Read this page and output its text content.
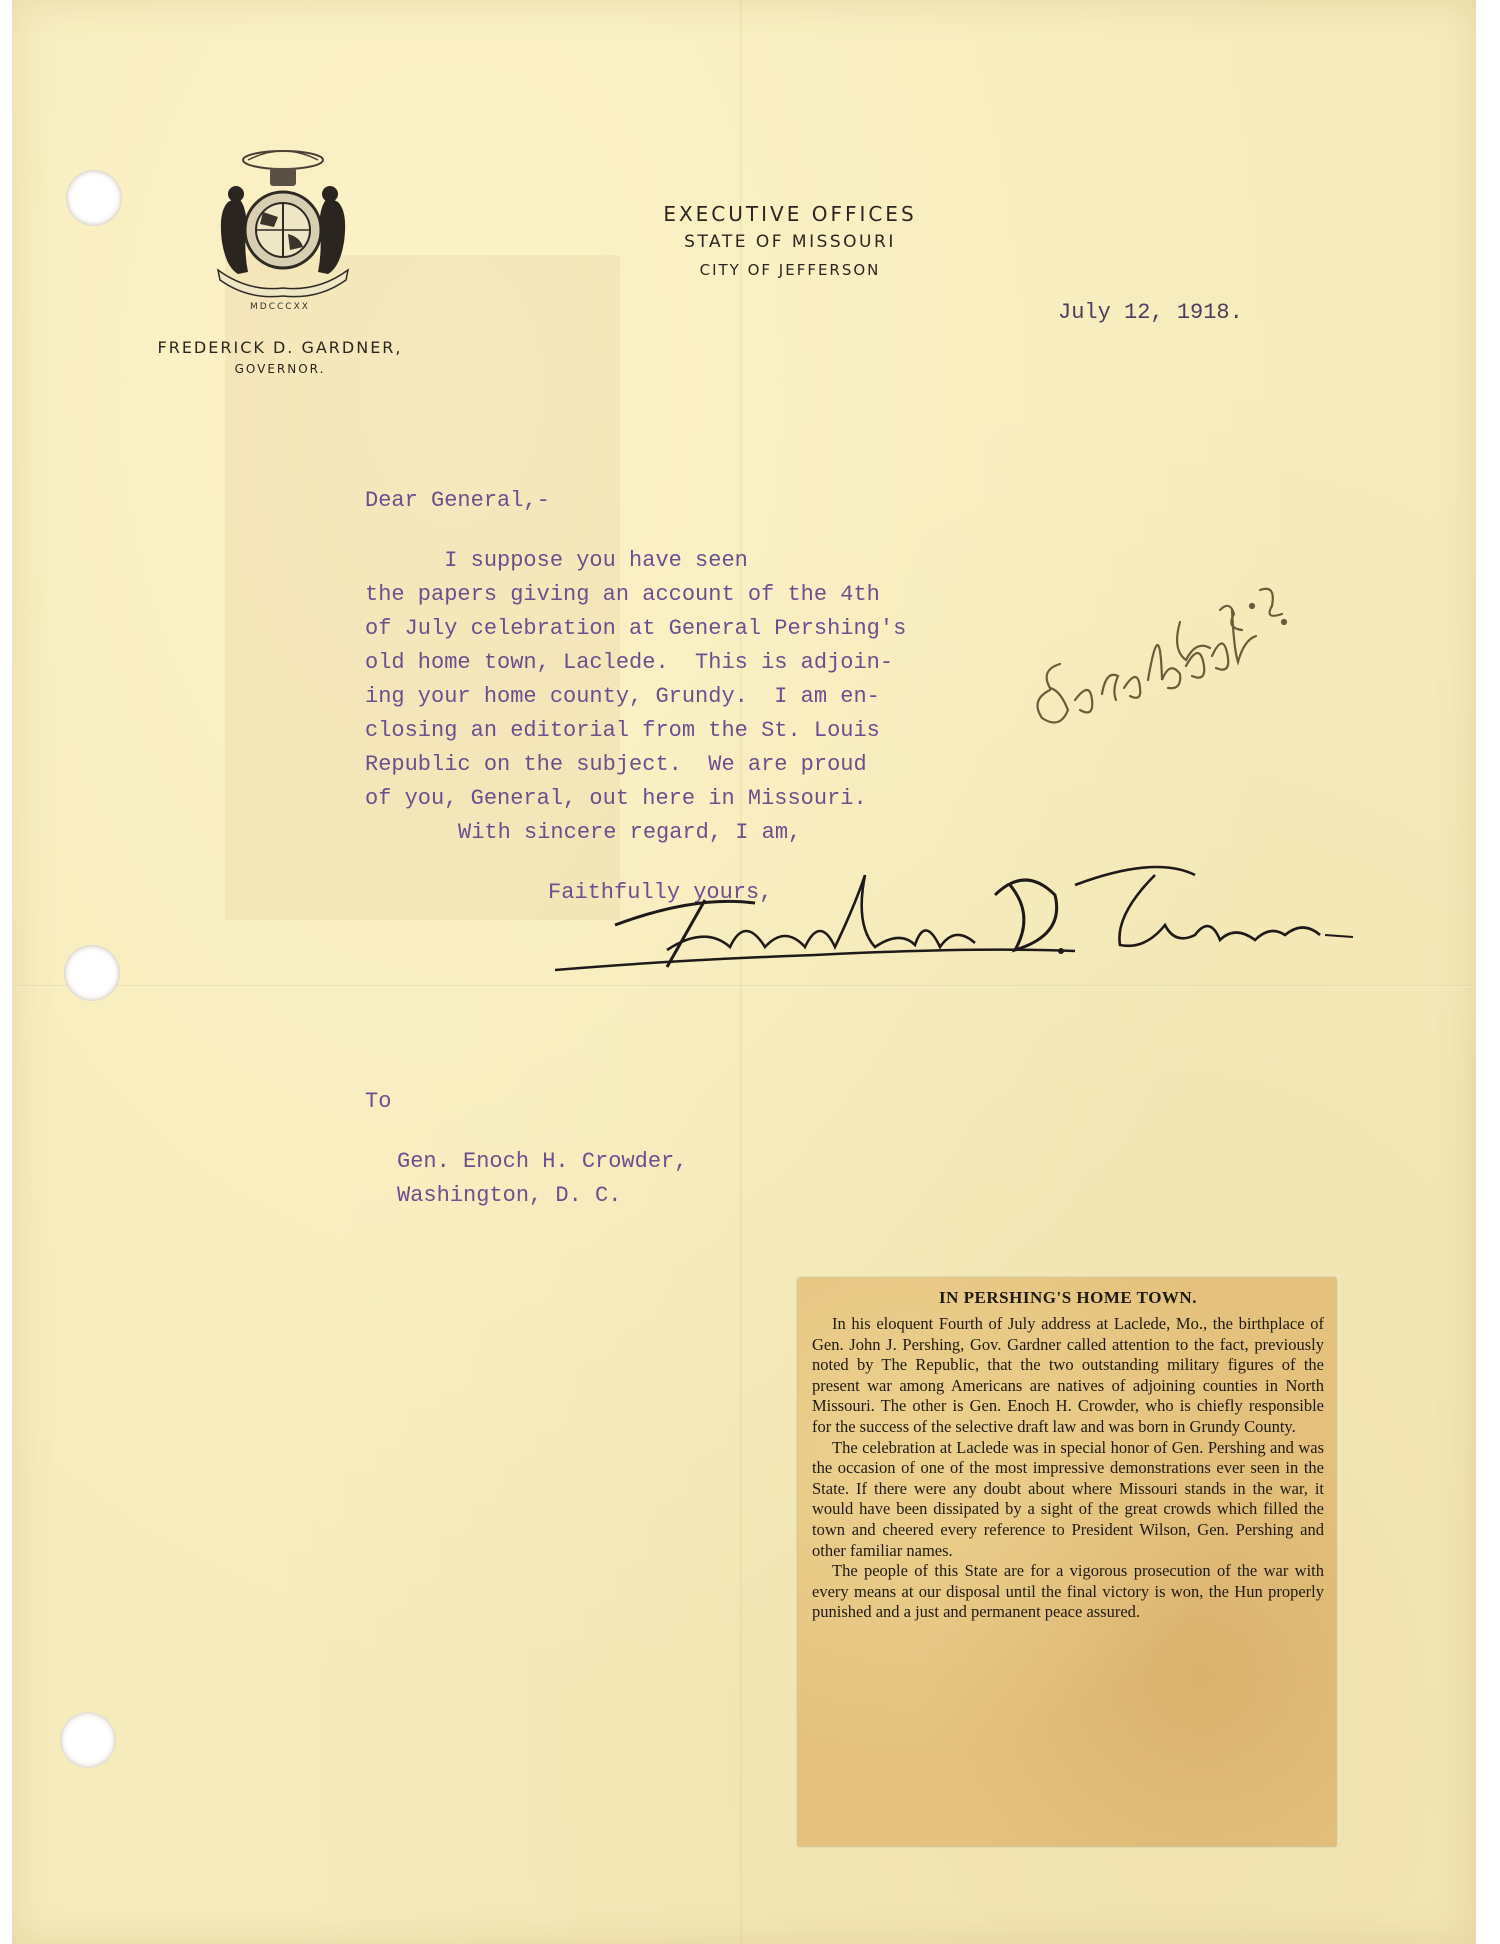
MDCCCXX
FREDERICK D. GARDNER,
GOVERNOR.
EXECUTIVE OFFICES
STATE OF MISSOURI
CITY OF JEFFERSON
July 12, 1918.
Dear General,-
I suppose you have seen
the papers giving an account of the 4th
of July celebration at General Pershing's
old home town, Laclede.  This is adjoin-
ing your home county, Grundy.  I am en-
closing an editorial from the St. Louis
Republic on the subject.  We are proud
of you, General, out here in Missouri.
With sincere regard, I am,
Faithfully yours,
To
Gen. Enoch H. Crowder,
Washington, D. C.
IN PERSHING'S HOME TOWN.

In his eloquent Fourth of July address at Laclede, Mo., the birthplace of Gen. John J. Pershing, Gov. Gardner called attention to the fact, previously noted by The Republic, that the two outstanding military figures of the present war among Americans are natives of adjoining counties in North Missouri. The other is Gen. Enoch H. Crowder, who is chiefly responsible for the success of the selective draft law and was born in Grundy County.

The celebration at Laclede was in special honor of Gen. Pershing and was the occasion of one of the most impressive demonstrations ever seen in the State. If there were any doubt about where Missouri stands in the war, it would have been dissipated by a sight of the great crowds which filled the town and cheered every reference to President Wilson, Gen. Pershing and other familiar names.

The people of this State are for a vigorous prosecution of the war with every means at our disposal until the final victory is won, the Hun properly punished and a just and permanent peace assured.
